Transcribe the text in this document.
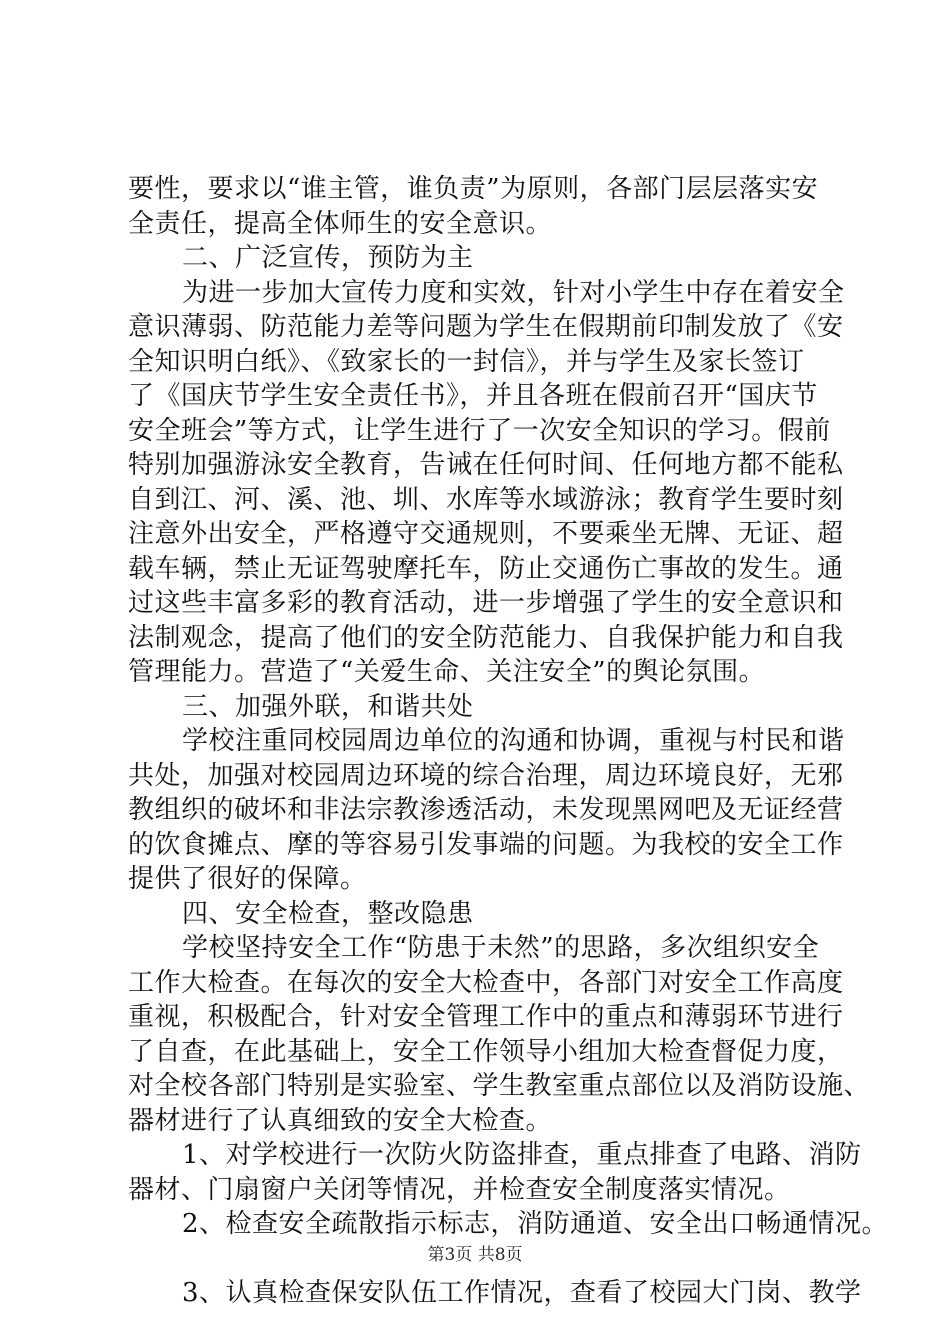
要性，要求以“谁主管，谁负责”为原则，各部门层层落实安
全责任，提高全体师生的安全意识。
二、广泛宣传，预防为主
为进一步加大宣传力度和实效，针对小学生中存在着安全
意识薄弱、防范能力差等问题为学生在假期前印制发放了《安
全知识明白纸》、《致家长的一封信》，并与学生及家长签订
了《国庆节学生安全责任书》，并且各班在假前召开“国庆节
安全班会”等方式，让学生进行了一次安全知识的学习。假前
特别加强游泳安全教育，告诫在任何时间、任何地方都不能私
自到江、河、溪、池、圳、水库等水域游泳；教育学生要时刻
注意外出安全，严格遵守交通规则，不要乘坐无牌、无证、超
载车辆，禁止无证驾驶摩托车，防止交通伤亡事故的发生。通
过这些丰富多彩的教育活动，进一步增强了学生的安全意识和
法制观念，提高了他们的安全防范能力、自我保护能力和自我
管理能力。营造了“关爱生命、关注安全”的舆论氛围。
三、加强外联，和谐共处
学校注重同校园周边单位的沟通和协调，重视与村民和谐
共处，加强对校园周边环境的综合治理，周边环境良好，无邪
教组织的破坏和非法宗教渗透活动，未发现黑网吧及无证经营
的饮食摊点、摩的等容易引发事端的问题。为我校的安全工作
提供了很好的保障。
四、安全检查，整改隐患
学校坚持安全工作“防患于未然”的思路，多次组织安全
工作大检查。在每次的安全大检查中，各部门对安全工作高度
重视，积极配合，针对安全管理工作中的重点和薄弱环节进行
了自查，在此基础上，安全工作领导小组加大检查督促力度，
对全校各部门特别是实验室、学生教室重点部位以及消防设施、
器材进行了认真细致的安全大检查。
1、对学校进行一次防火防盗排查，重点排查了电路、消防
器材、门扇窗户关闭等情况，并检查安全制度落实情况。
2、检查安全疏散指示标志，消防通道、安全出口畅通情况。
3、认真检查保安队伍工作情况，查看了校园大门岗、教学
第3页 共8页
